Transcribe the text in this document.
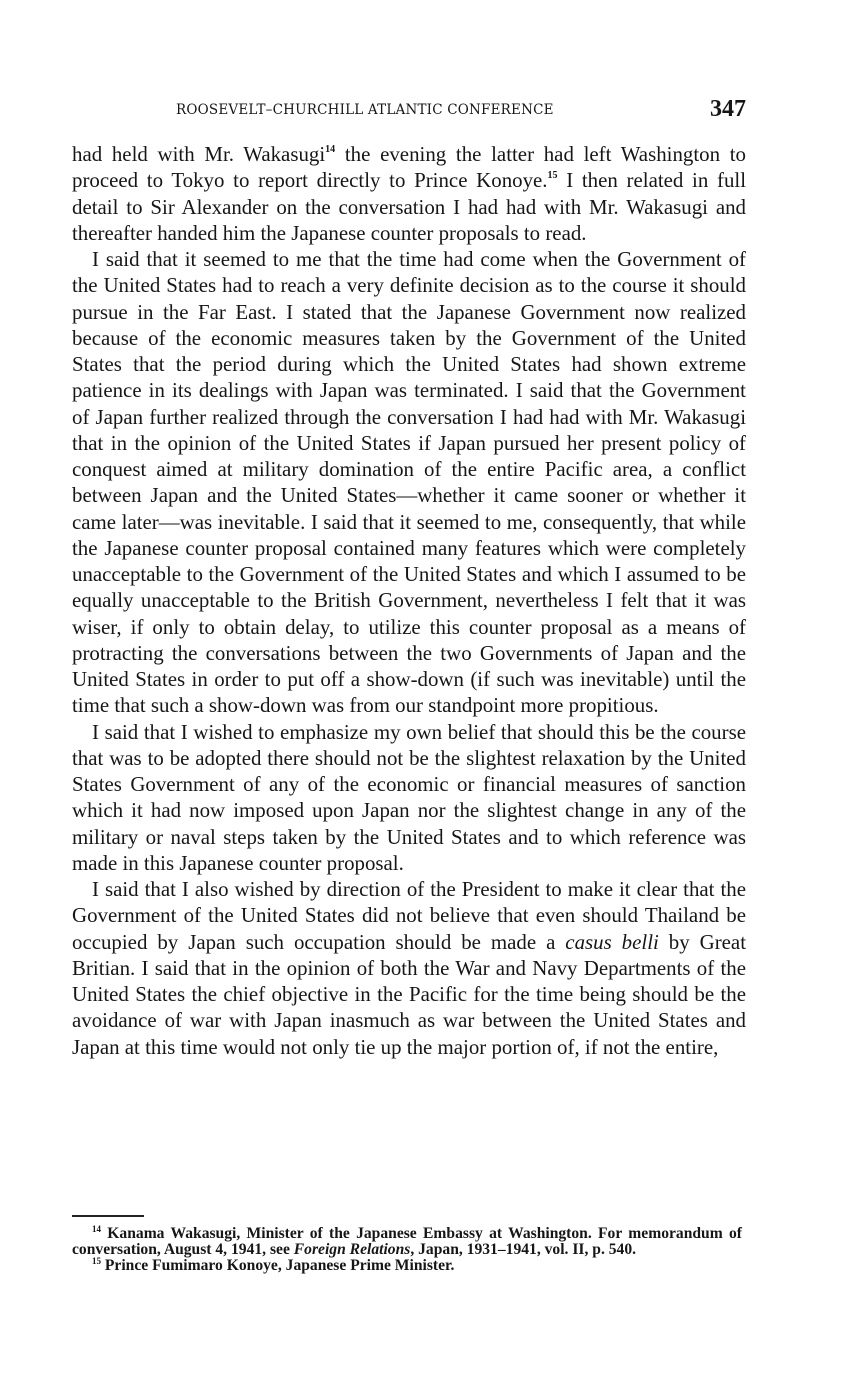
ROOSEVELT–CHURCHILL ATLANTIC CONFERENCE	347

had held with Mr. Wakasugi$^{14}$ the evening the latter had left Washington to proceed to Tokyo to report directly to Prince Konoye.$^{15}$ I then related in full detail to Sir Alexander on the conversation I had had with Mr. Wakasugi and thereafter handed him the Japanese counter proposals to read.

I said that it seemed to me that the time had come when the Government of the United States had to reach a very definite decision as to the course it should pursue in the Far East. I stated that the Japanese Government now realized because of the economic measures taken by the Government of the United States that the period during which the United States had shown extreme patience in its dealings with Japan was terminated. I said that the Government of Japan further realized through the conversation I had had with Mr. Wakasugi that in the opinion of the United States if Japan pursued her present policy of conquest aimed at military domination of the entire Pacific area, a conflict between Japan and the United States—whether it came sooner or whether it came later—was inevitable. I said that it seemed to me, consequently, that while the Japanese counter proposal contained many features which were completely unacceptable to the Government of the United States and which I assumed to be equally unacceptable to the British Government, nevertheless I felt that it was wiser, if only to obtain delay, to utilize this counter proposal as a means of protracting the conversations between the two Governments of Japan and the United States in order to put off a show-down (if such was inevitable) until the time that such a show-down was from our standpoint more propitious.

I said that I wished to emphasize my own belief that should this be the course that was to be adopted there should not be the slightest relaxation by the United States Government of any of the economic or financial measures of sanction which it had now imposed upon Japan nor the slightest change in any of the military or naval steps taken by the United States and to which reference was made in this Japanese counter proposal.

I said that I also wished by direction of the President to make it clear that the Government of the United States did not believe that even should Thailand be occupied by Japan such occupation should be made a casus belli by Great Britian. I said that in the opinion of both the War and Navy Departments of the United States the chief objective in the Pacific for the time being should be the avoidance of war with Japan inasmuch as war between the United States and Japan at this time would not only tie up the major portion of, if not the entire,

$^{14}$ Kanama Wakasugi, Minister of the Japanese Embassy at Washington. For memorandum of conversation, August 4, 1941, see Foreign Relations, Japan, 1931–1941, vol. II, p. 540.

$^{15}$ Prince Fumimaro Konoye, Japanese Prime Minister.
